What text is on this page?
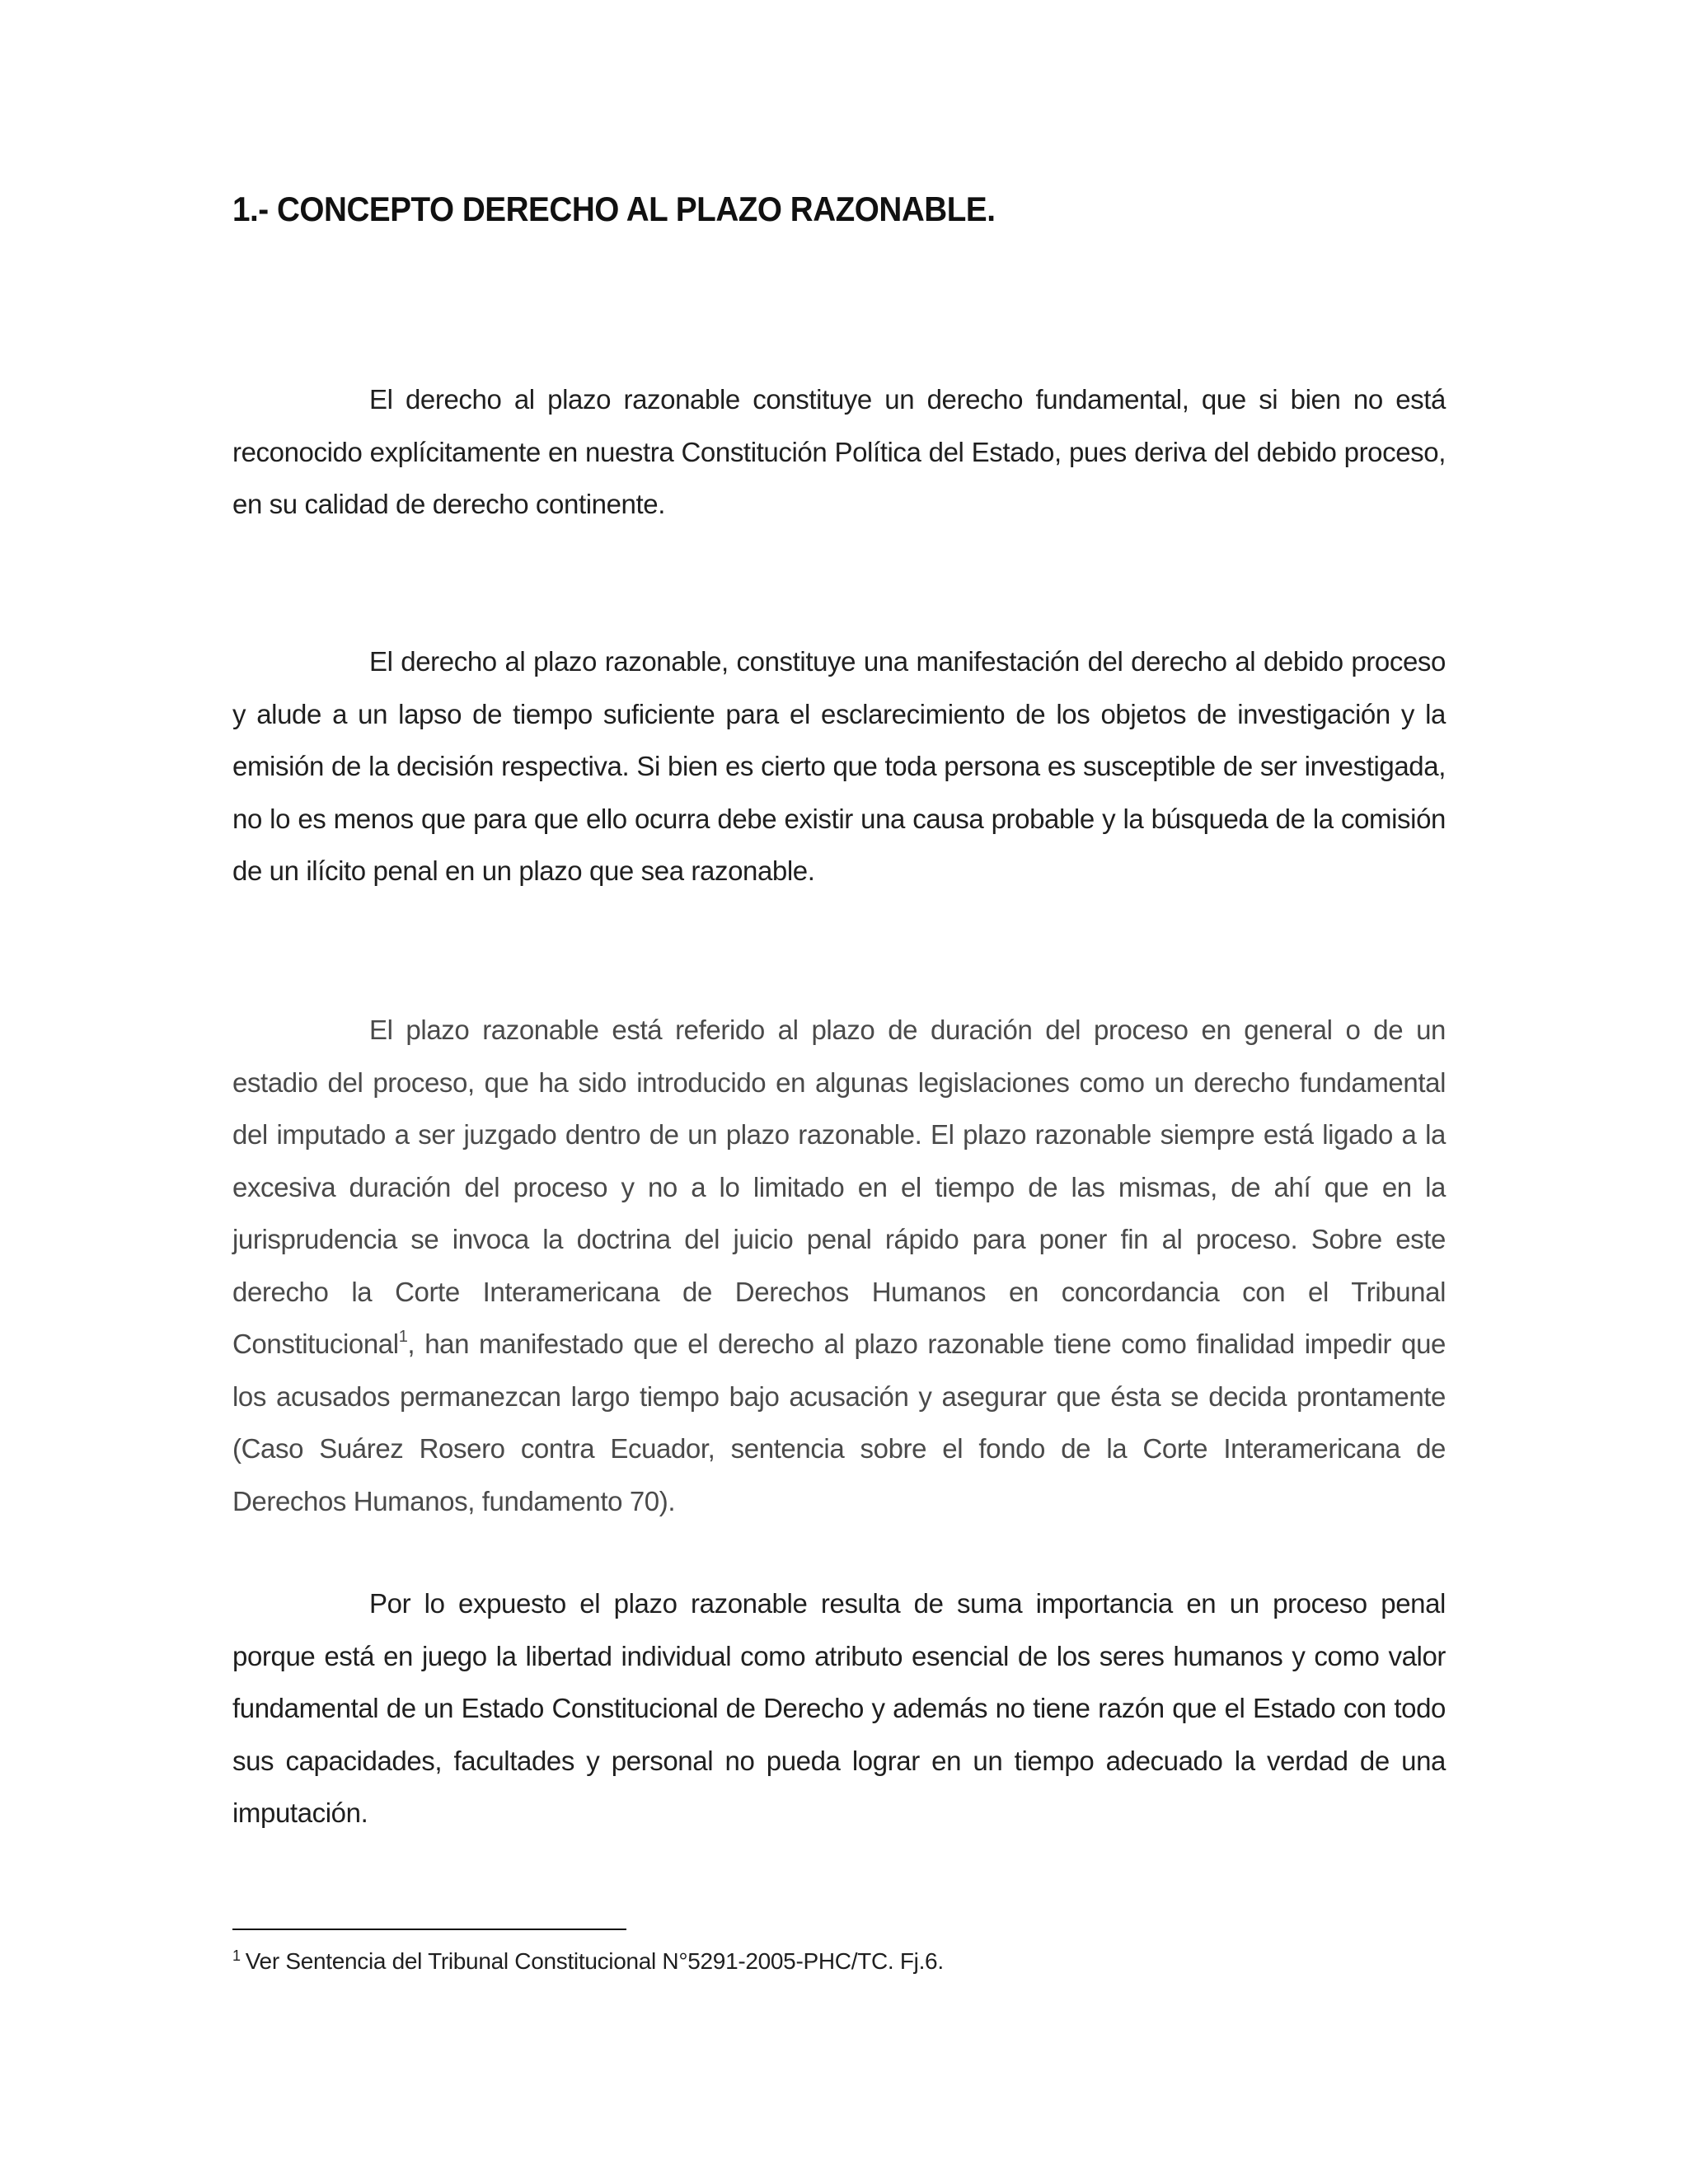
1.- CONCEPTO DERECHO AL PLAZO RAZONABLE.

El derecho al plazo razonable constituye un derecho fundamental, que si bien no está reconocido explícitamente en nuestra Constitución Política del Estado, pues deriva del debido proceso, en su calidad de derecho continente.

El derecho al plazo razonable, constituye una manifestación del derecho al debido proceso y alude a un lapso de tiempo suficiente para el esclarecimiento de los objetos de investigación y la emisión de la decisión respectiva. Si bien es cierto que toda persona es susceptible de ser investigada, no lo es menos que para que ello ocurra debe existir una causa probable y la búsqueda de la comisión de un ilícito penal en un plazo que sea razonable.

El plazo razonable está referido al plazo de duración del proceso en general o de un estadio del proceso, que ha sido introducido en algunas legislaciones como un derecho fundamental del imputado a ser juzgado dentro de un plazo razonable. El plazo razonable siempre está ligado a la excesiva duración del proceso y no a lo limitado en el tiempo de las mismas, de ahí que en la jurisprudencia se invoca la doctrina del juicio penal rápido para poner fin al proceso. Sobre este derecho la Corte Interamericana de Derechos Humanos en concordancia con el Tribunal Constitucional$^1$, han manifestado que el derecho al plazo razonable tiene como finalidad impedir que los acusados permanezcan largo tiempo bajo acusación y asegurar que ésta se decida prontamente (Caso Suárez Rosero contra Ecuador, sentencia sobre el fondo de la Corte Interamericana de Derechos Humanos, fundamento 70).

Por lo expuesto el plazo razonable resulta de suma importancia en un proceso penal porque está en juego la libertad individual como atributo esencial de los seres humanos y como valor fundamental de un Estado Constitucional de Derecho y además no tiene razón que el Estado con todo sus capacidades, facultades y personal no pueda lograr en un tiempo adecuado la verdad de una imputación.

$^1$ Ver Sentencia del Tribunal Constitucional N°5291-2005-PHC/TC. Fj.6.
